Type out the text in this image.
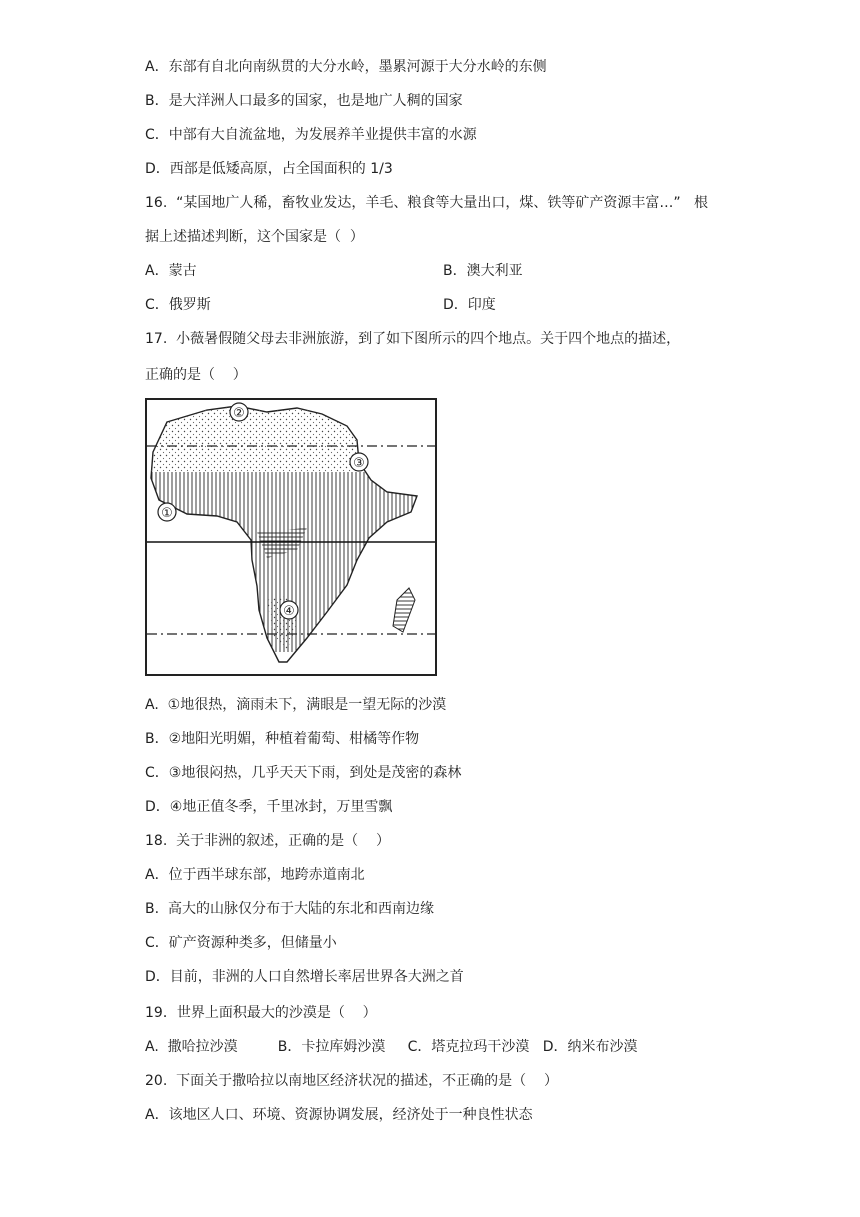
A．东部有自北向南纵贯的大分水岭，墨累河源于大分水岭的东侧
B．是大洋洲人口最多的国家，也是地广人稠的国家
C．中部有大自流盆地，为发展养羊业提供丰富的水源
D．西部是低矮高原，占全国面积的 1/3
16.  “某国地广人稀，畜牧业发达，羊毛、粮食等大量出口，煤、铁等矿产资源丰富…”   根
据上述描述判断，这个国家是（  ）
A．蒙古	B．澳大利亚
C．俄罗斯	D．印度
17.  小薇暑假随父母去非洲旅游，到了如下图所示的四个地点。关于四个地点的描述，
正确的是（    ）
①
②
③
④
A.  ①地很热，滴雨未下，满眼是一望无际的沙漠
B．②地阳光明媚，种植着葡萄、柑橘等作物
C．③地很闷热，几乎天天下雨，到处是茂密的森林
D．④地正值冬季，千里冰封，万里雪飘
18.  关于非洲的叙述，正确的是（    ）
A．位于西半球东部，地跨赤道南北
B.  高大的山脉仅分布于大陆的东北和西南边缘
C．矿产资源种类多，但储量小
D．目前，非洲的人口自然增长率居世界各大洲之首
19．世界上面积最大的沙漠是（    ）
A.  撒哈拉沙漠         B．卡拉库姆沙漠     C．塔克拉玛干沙漠   D．纳米布沙漠
20.  下面关于撒哈拉以南地区经济状况的描述，不正确的是（    ）
A．该地区人口、环境、资源协调发展，经济处于一种良性状态
